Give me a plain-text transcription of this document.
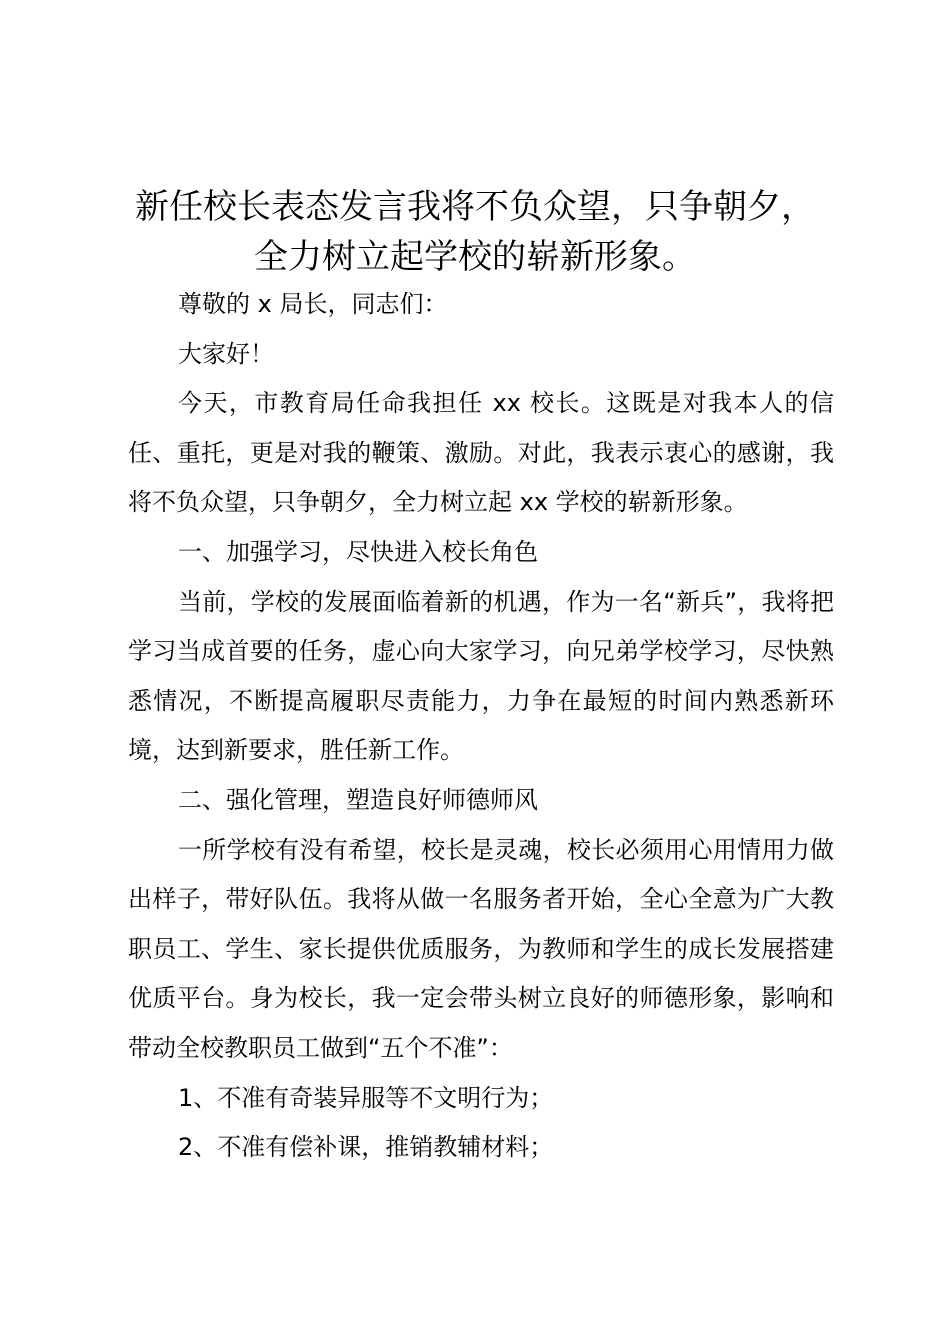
新任校长表态发言我将不负众望，只争朝夕，
全力树立起学校的崭新形象。

尊敬的 x 局长，同志们：

大家好！

今天，市教育局任命我担任 xx 校长。这既是对我本人的信任、重托，更是对我的鞭策、激励。对此，我表示衷心的感谢，我将不负众望，只争朝夕，全力树立起 xx 学校的崭新形象。

一、加强学习，尽快进入校长角色

当前，学校的发展面临着新的机遇，作为一名“新兵”，我将把学习当成首要的任务，虚心向大家学习，向兄弟学校学习，尽快熟悉情况，不断提高履职尽责能力，力争在最短的时间内熟悉新环境，达到新要求，胜任新工作。

二、强化管理，塑造良好师德师风

一所学校有没有希望，校长是灵魂，校长必须用心用情用力做出样子，带好队伍。我将从做一名服务者开始，全心全意为广大教职员工、学生、家长提供优质服务，为教师和学生的成长发展搭建优质平台。身为校长，我一定会带头树立良好的师德形象，影响和带动全校教职员工做到“五个不准”：

1、不准有奇装异服等不文明行为；

2、不准有偿补课，推销教辅材料；
